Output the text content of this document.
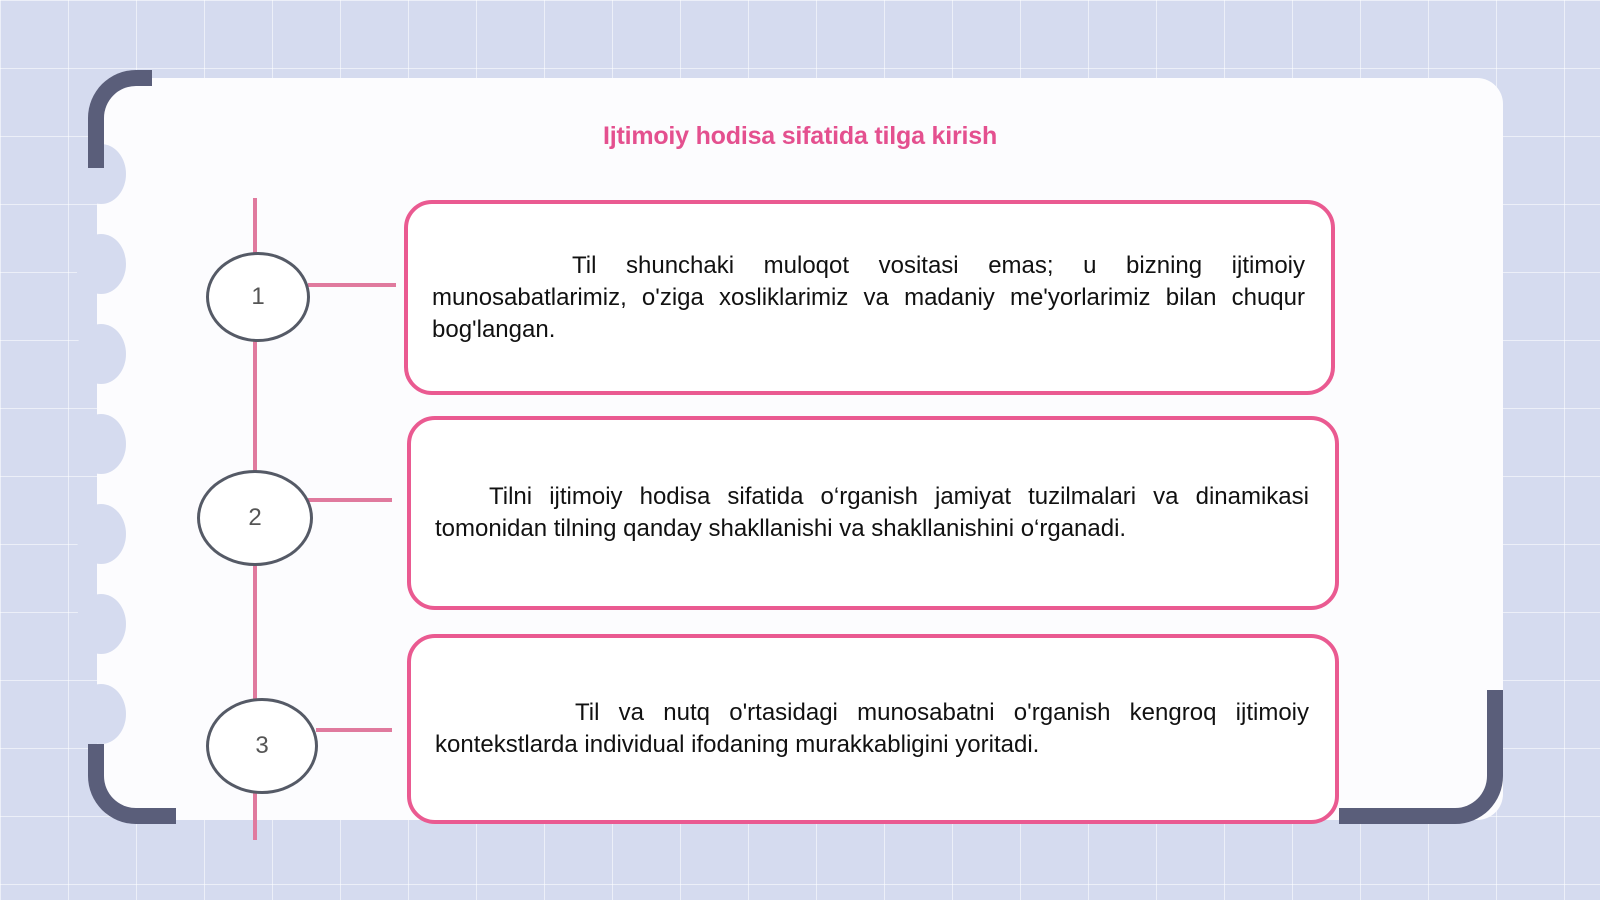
Ijtimoiy hodisa sifatida tilga kirish
1
2
3

Til shunchaki muloqot vositasi emas; u bizning ijtimoiy munosabatlarimiz, o'ziga xosliklarimiz va madaniy me'yorlarimiz bilan chuqur bog'langan.

Tilni ijtimoiy hodisa sifatida o‘rganish jamiyat tuzilmalari va dinamikasi tomonidan tilning qanday shakllanishi va shakllanishini o‘rganadi.

Til va nutq o'rtasidagi munosabatni o'rganish kengroq ijtimoiy kontekstlarda individual ifodaning murakkabligini yoritadi.
